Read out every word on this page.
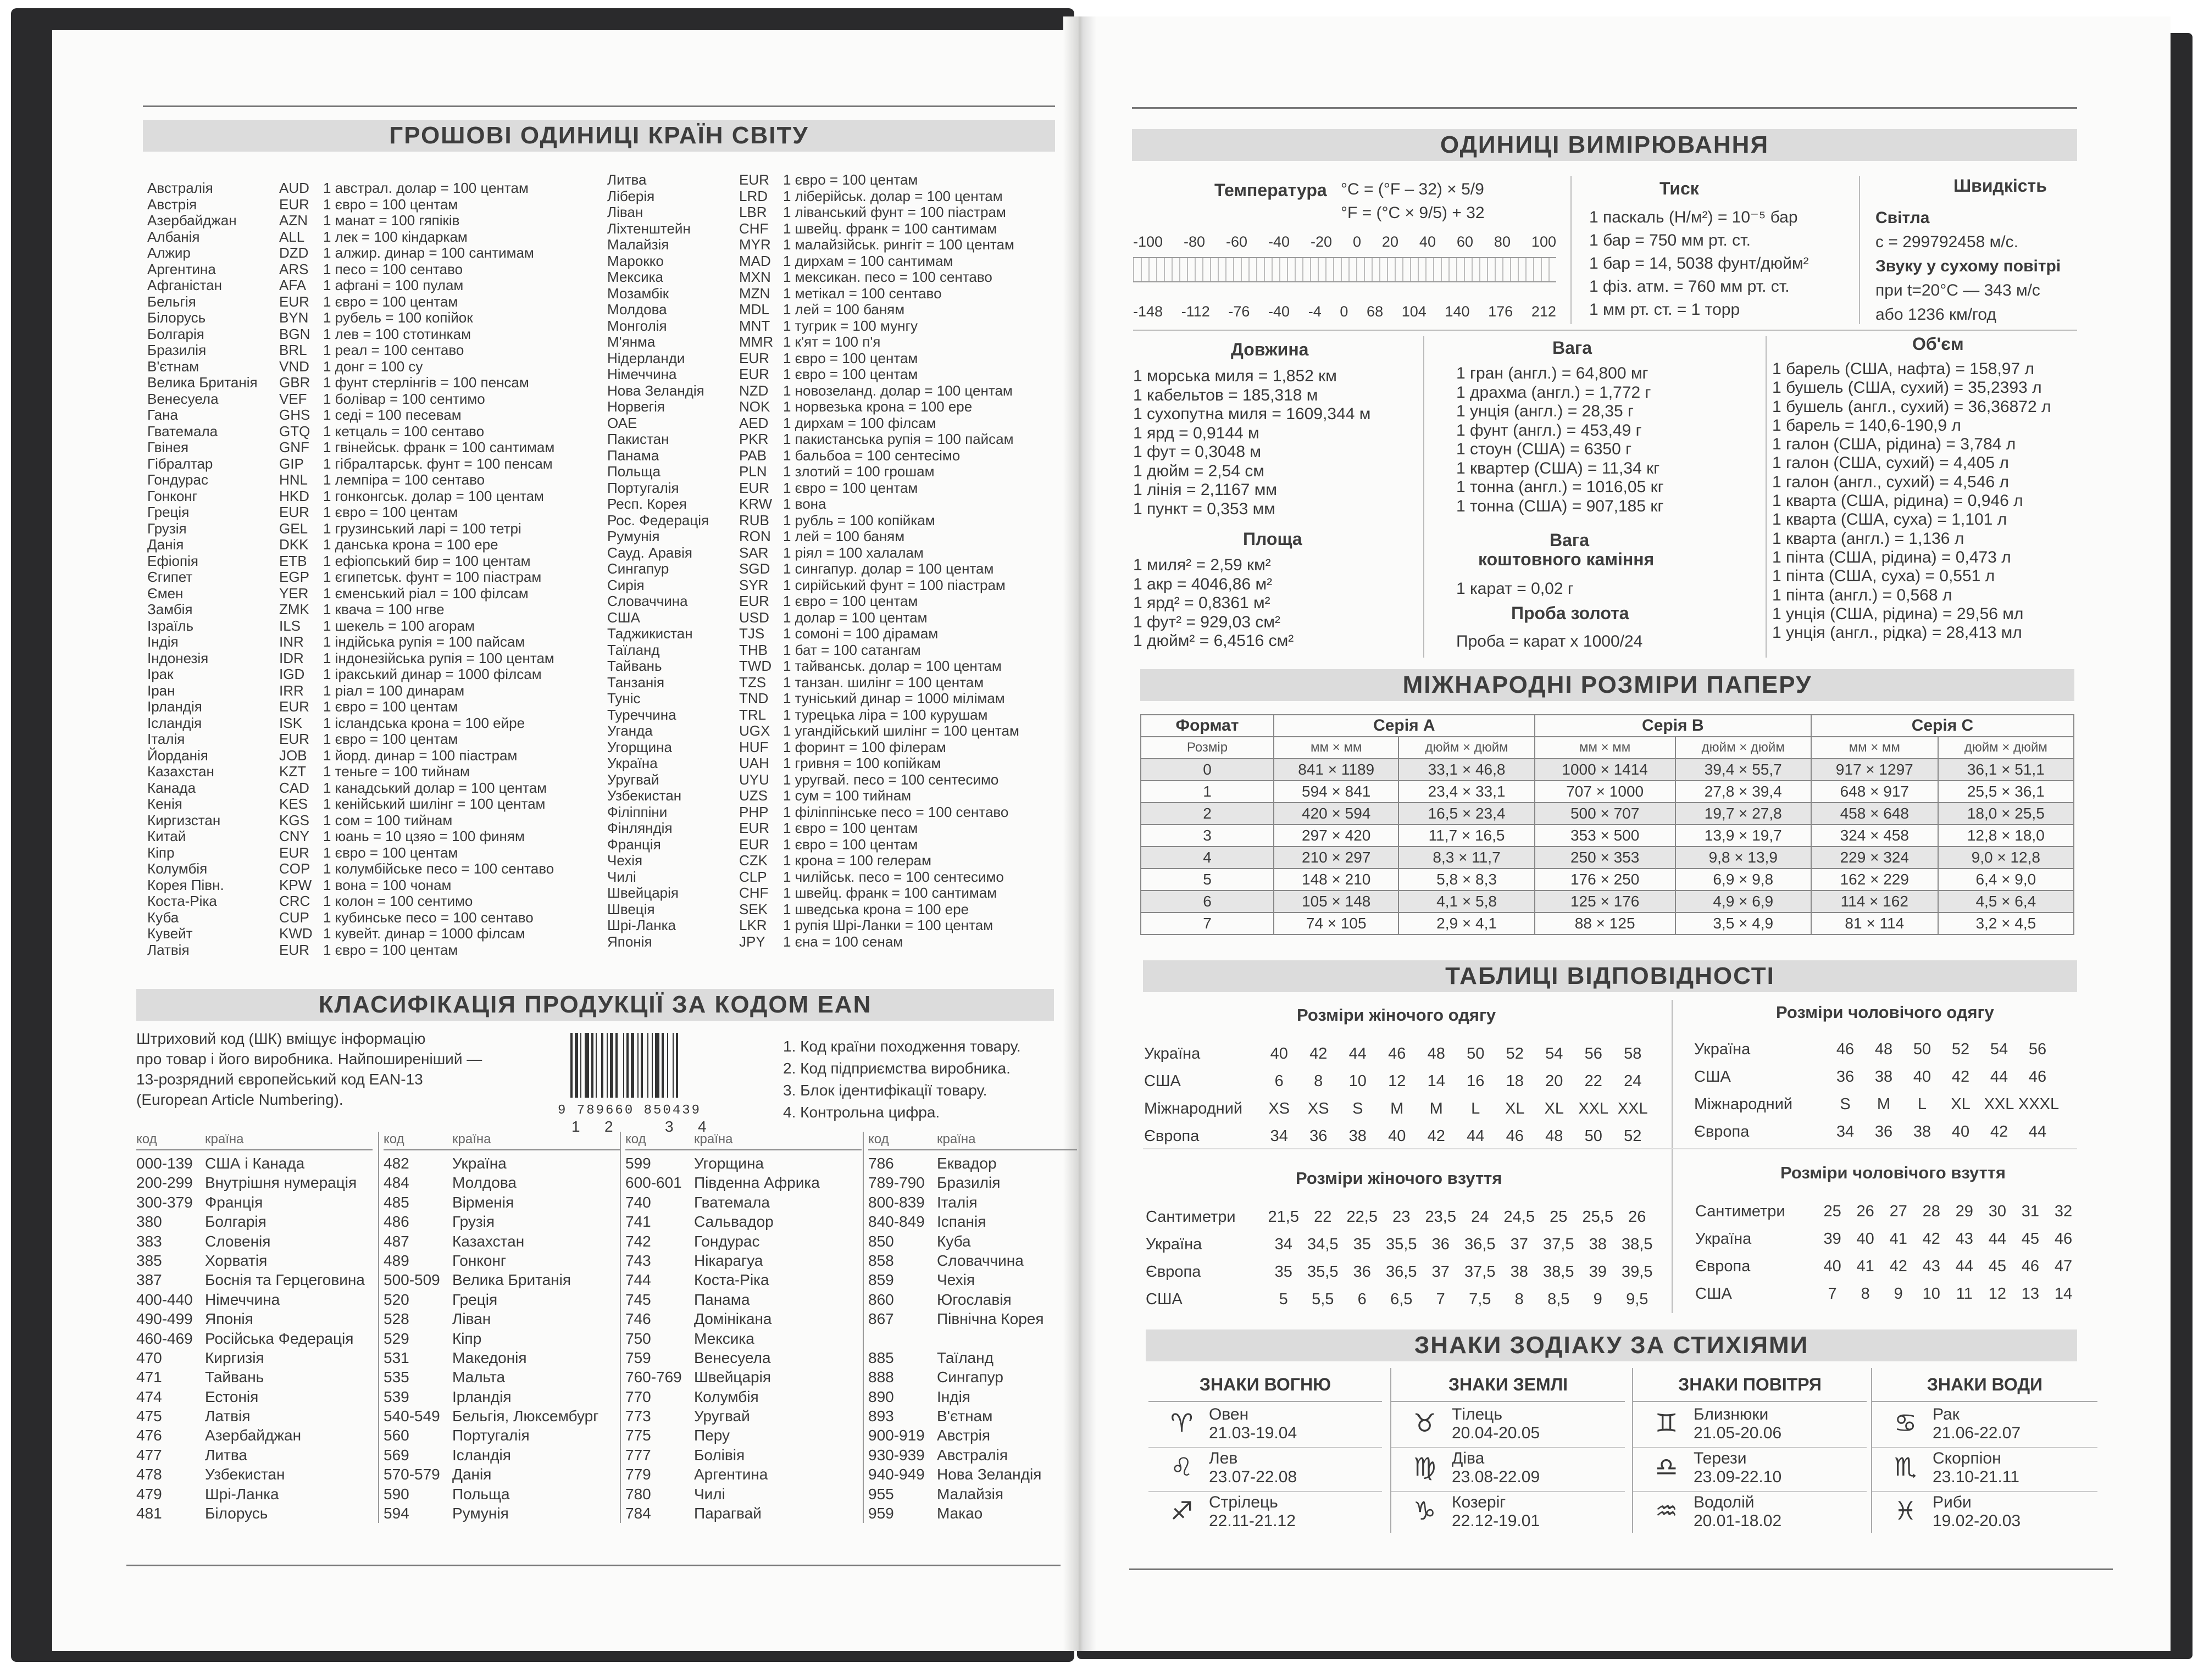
ГРОШОВІ ОДИНИЦІ КРАЇН СВІТУ
Австралія	AUD 1 австрал. долар = 100 центам
Австрія	EUR 1 євро = 100 центам
Азербайджан	AZN	1 манат = 100 гяпіків
Албанія	ALL	1 лек = 100 кіндаркам
Алжир	DZD	1 алжир. динар = 100 сантимам
Аргентина	ARS	1 песо = 100 сентаво
Афганістан	AFA	1 афгані = 100 пулам
Бельгія	EUR 1 євро = 100 центам
Білорусь	BYN	1 рубель = 100 копійок
Болгарія	BGN 1 лев = 100 стотинкам
Бразилія	BRL	1 реал = 100 сентаво
В'єтнам	VND 1 донг = 100 су
Велика Британія	GBR 1 фунт стерлінгів = 100 пенсам
Венесуела	VEF	1 болівар = 100 сентимо
Гана	GHS 1 седі = 100 песевам
Гватемала	GTQ 1 кетцаль = 100 сентаво
Гвінея	GNF 1 гвінейськ. франк = 100 сантимам
Гібралтар	GIP	1 гібралтарськ. фунт = 100 пенсам
Гондурас	HNL	1 лемпіра = 100 сентаво
Гонконг	HKD 1 гонконгськ. долар = 100 центам
Греція	EUR 1 євро = 100 центам
Грузія	GEL	1 грузинський ларі = 100 тетрі
Данія	DKK	1 данська крона = 100 ере
Ефіопія	ETB	1 ефіопський бир = 100 центам
Єгипет	EGP 1 єгипетськ. фунт = 100 піастрам
Ємен	YER	1 єменський ріал = 100 філсам
Замбія	ZMK 1 квача = 100 нгве
Ізраїль	ILS	1 шекель = 100 агорам
Індія	INR	1 індійська рупія = 100 пайсам
Індонезія	IDR	1 індонезійська рупія = 100 центам
Ірак	IGD	1 іракський динар = 1000 філсам
Іран	IRR	1 ріал = 100 динарам
Ірландія	EUR 1 євро = 100 центам
Ісландія	ISK	1 ісландська крона = 100 ейре
Італія	EUR 1 євро = 100 центам
Йорданія	JOB	1 йорд. динар = 100 піастрам
Казахстан	KZT	1 теньге = 100 тийнам
Канада	CAD 1 канадський долар = 100 центам
Кенія	KES	1 кенійський шилінг = 100 центам
Киргизстан	KGS 1 сом = 100 тийнам
Китай	CNY 1 юань = 10 цзяо = 100 финям
Кіпр	EUR 1 євро = 100 центам
Колумбія	COP 1 колумбійське песо = 100 сентаво
Корея Півн.	KPW 1 вона = 100 чонам
Коста-Ріка	CRC 1 колон = 100 сентимо
Куба	CUP 1 кубинське песо = 100 сентаво
Кувейт	KWD 1 кувейт. динар = 1000 філсам
Латвія	EUR 1 євро = 100 центам
Литва	EUR 1 євро = 100 центам
Ліберія	LRD	1 ліберійськ. долар = 100 центам
Ліван	LBR	1 ліванський фунт = 100 піастрам
Ліхтенштейн	CHF	1 швейц. франк = 100 сантимам
Малайзія	MYR 1 малайзійськ. рингіт = 100 центам
Марокко	MAD 1 дирхам = 100 сантимам
Мексика	MXN 1 мексикан. песо = 100 сентаво
Мозамбік	MZN 1 метікал = 100 сентаво
Молдова	MDL 1 лей = 100 баням
Монголія	MNT 1 тугрик = 100 мунгу
М'янма	MMR 1 к'ят = 100 п'я
Нідерланди	EUR 1 євро = 100 центам
Німеччина	EUR 1 євро = 100 центам
Нова Зеландія	NZD	1 новозеланд. долар = 100 центам
Норвегія	NOK 1 норвезька крона = 100 ере
ОАЕ	AED	1 дирхам = 100 філсам
Пакистан	PKR	1 пакистанська рупія = 100 пайсам
Панама	PAB	1 бальбоа = 100 сентесімо
Польща	PLN	1 злотий = 100 грошам
Португалія	EUR 1 євро = 100 центам
Респ. Корея	KRW 1 вона
Рос. Федерація	RUB 1 рубль = 100 копійкам
Румунія	RON 1 лей = 100 баням
Сауд. Аравія	SAR	1 ріял = 100 халалам
Сингапур	SGD 1 сингапур. долар = 100 центам
Сирія	SYR	1 сирійський фунт = 100 піастрам
Словаччина	EUR 1 євро = 100 центам
США	USD 1 долар = 100 центам
Таджикистан	TJS	1 сомоні = 100 дірамам
Таїланд	THB	1 бат = 100 сатангам
Тайвань	TWD 1 тайванськ. долар = 100 центам
Танзанія	TZS	1 танзан. шилінг = 100 центам
Туніс	TND	1 туніський динар = 1000 мілімам
Туреччина	TRL	1 турецька ліра = 100 курушам
Уганда	UGX 1 угандійський шилінг = 100 центам
Угорщина	HUF	1 форинт = 100 філерам
Україна	UAH 1 гривня = 100 копійкам
Уругвай	UYU 1 уругвай. песо = 100 сентесимо
Узбекистан	UZS	1 сум = 100 тийнам
Філіппіни	PHP	1 філіппінське песо = 100 сентаво
Фінляндія	EUR 1 євро = 100 центам
Франція	EUR 1 євро = 100 центам
Чехія	CZK	1 крона = 100 гелерам
Чилі	CLP	1 чилійськ. песо = 100 сентесимо
Швейцарія	CHF	1 швейц. франк = 100 сантимам
Швеція	SEK	1 шведська крона = 100 ере
Шрі-Ланка	LKR	1 рупія Шрі-Ланки = 100 центам
Японія	JPY	1 єна = 100 сенам
КЛАСИФІКАЦІЯ ПРОДУКЦІЇ ЗА КОДОМ EAN
Штриховий код (ШК) вміщує інформацію
про товар і його виробника. Найпоширеніший —
13-розрядний європейський код EAN-13
(European Article Numbering).
9 789660 850439
1 2	3 4
1. Код країни походження товару.
2. Код підприємства виробника.
3. Блок ідентифікації товару.
4. Контрольна цифра.
код	країна
000-139 США і Канада
200-299 Внутрішня нумерація
300-379 Франція
380	Болгарія
383	Словенія
385	Хорватія
387	Боснія та Герцеговина
400-440 Німеччина
490-499 Японія
460-469 Російська Федерація
470	Киргизія
471	Тайвань
474	Естонія
475	Латвія
476	Азербайджан
477	Литва
478	Узбекистан
479	Шрі-Ланка
481	Білорусь
код	країна
482	Україна
484	Молдова
485	Вірменія
486	Грузія
487	Казахстан
489	Гонконг
500-509 Велика Британія
520	Греція
528	Ліван
529	Кіпр
531	Македонія
535	Мальта
539	Ірландія
540-549 Бельгія, Люксембург
560	Португалія
569	Ісландія
570-579 Данія
590	Польща
594	Румунія
код	країна
599	Угорщина
600-601 Південна Африка
740	Гватемала
741	Сальвадор
742	Гондурас
743	Нікарагуа
744	Коста-Ріка
745	Панама
746	Домінікана
750	Мексика
759	Венесуела
760-769 Швейцарія
770	Колумбія
773	Уругвай
775	Перу
777	Болівія
779	Аргентина
780	Чилі
784	Парагвай
код	країна
786	Еквадор
789-790 Бразилія
800-839 Італія
840-849 Іспанія
850	Куба
858	Словаччина
859	Чехія
860	Югославія
867	Північна Корея
885	Таїланд
888	Сингапур
890	Індія
893	В'єтнам
900-919 Австрія
930-939 Австралія
940-949 Нова Зеландія
955	Малайзія
959	Макао
ОДИНИЦІ ВИМІРЮВАННЯ
Температура °C = (°F – 32) × 5/9
°F = (°C × 9/5) + 32
-100 -80 -60 -40 -20 0 20 40 60 80 100
-148 -112 -76 -40 -4 0 68 104 140 176 212
Тиск
1 паскаль (Н/м²) = 10⁻⁵ бар
1 бар = 750 мм рт. ст.
1 бар = 14, 5038 фунт/дюйм²
1 фіз. атм. = 760 мм рт. ст.
1 мм рт. ст. = 1 торр
Швидкість
Світла
c = 299792458 м/с.
Звуку у сухому повітрі
при t=20°C — 343 м/с
або 1236 км/год
Довжина
1 морська миля = 1,852 км
1 кабельтов = 185,318 м
1 сухопутна миля = 1609,344 м
1 ярд = 0,9144 м
1 фут = 0,3048 м
1 дюйм = 2,54 см
1 лінія = 2,1167 мм
1 пункт = 0,353 мм
Площа
1 миля² = 2,59 км²
1 акр = 4046,86 м²
1 ярд² = 0,8361 м²
1 фут² = 929,03 см²
1 дюйм² = 6,4516 см²
Вага
1 гран (англ.) = 64,800 мг
1 драхма (англ.) = 1,772 г
1 унція (англ.) = 28,35 г
1 фунт (англ.) = 453,49 г
1 стоун (США) = 6350 г
1 квартер (США) = 11,34 кг
1 тонна (англ.) = 1016,05 кг
1 тонна (США) = 907,185 кг
Вага
коштовного каміння
1 карат = 0,02 г
Проба золота
Проба = карат х 1000/24
Об'єм
1 барель (США, нафта) = 158,97 л
1 бушель (США, сухий) = 35,2393 л
1 бушель (англ., сухий) = 36,36872 л
1 барель = 140,6-190,9 л
1 галон (США, рідина) = 3,784 л
1 галон (США, сухий) = 4,405 л
1 галон (англ., сухий) = 4,546 л
1 кварта (США, рідина) = 0,946 л
1 кварта (США, суха) = 1,101 л
1 кварта (англ.) = 1,136 л
1 пінта (США, рідина) = 0,473 л
1 пінта (США, суха) = 0,551 л
1 пінта (англ.) = 0,568 л
1 унція (США, рідина) = 29,56 мл
1 унція (англ., рідка) = 28,413 мл
МІЖНАРОДНІ РОЗМІРИ ПАПЕРУ
Формат	Серія A		Серія B		Серія C	
Розмір	мм × мм	дюйм × дюйм	мм × мм	дюйм × дюйм	мм × мм	дюйм × дюйм
0	841 × 1189	33,1 × 46,8	1000 × 1414	39,4 × 55,7	917 × 1297	36,1 × 51,1
1	594 × 841	23,4 × 33,1	707 × 1000	27,8 × 39,4	648 × 917	25,5 × 36,1
2	420 × 594	16,5 × 23,4	500 × 707	19,7 × 27,8	458 × 648	18,0 × 25,5
3	297 × 420	11,7 × 16,5	353 × 500	13,9 × 19,7	324 × 458	12,8 × 18,0
4	210 × 297	8,3 × 11,7	250 × 353	9,8 × 13,9	229 × 324	9,0 × 12,8
5	148 × 210	5,8 × 8,3	176 × 250	6,9 × 9,8	162 × 229	6,4 × 9,0
6	105 × 148	4,1 × 5,8	125 × 176	4,9 × 6,9	114 × 162	4,5 × 6,4
7	74 × 105	2,9 × 4,1	88 × 125	3,5 × 4,9	81 × 114	3,2 × 4,5
ТАБЛИЦІ ВІДПОВІДНОСТІ
Розміри жіночого одягу
Україна	40	42	44	46	48	50	52	54	56	58
США	6	8	10	12	14	16	18	20	22	24
Міжнародний	XS	XS	S	M	M	L	XL	XL XXL XXL
Європа	34	36	38	40	42	44	46	48	50	52
Розміри чоловічого одягу
Україна	46	48	50	52	54	56
США	36	38	40	42	44	46
Міжнародний	S	M	L	XL XXL XXXL
Європа	34	36	38	40	42	44
Розміри жіночого взуття
Сантиметри	21,5 22 22,5 23 23,5 24 24,5 25 25,5 26
Україна	34 34,5 35 35,5 36 36,5 37 37,5 38 38,5
Європа	35 35,5 36 36,5 37 37,5 38 38,5 39 39,5
США	5	5,5	6	6,5	7	7,5	8	8,5	9	9,5
Розміри чоловічого взуття
Сантиметри	25 26 27 28 29 30 31 32
Україна	39 40 41 42 43 44 45 46
Європа	40 41 42 43 44 45 46 47
США	7	8	9	10 11 12 13 14
ЗНАКИ ЗОДІАКУ ЗА СТИХІЯМИ
ЗНАКИ ВОГНЮ
♈ Овен
21.03-19.04
♌ Лев
23.07-22.08
♐ Стрілець
22.11-21.12
ЗНАКИ ЗЕМЛІ
♉ Тілець
20.04-20.05
♍ Діва
23.08-22.09
♑ Козеріг
22.12-19.01
ЗНАКИ ПОВІТРЯ
♊ Близнюки
21.05-20.06
♎ Терези
23.09-22.10
♒ Водолій
20.01-18.02
ЗНАКИ ВОДИ
♋ Рак
21.06-22.07
♏ Скорпіон
23.10-21.11
♓ Риби
19.02-20.03
